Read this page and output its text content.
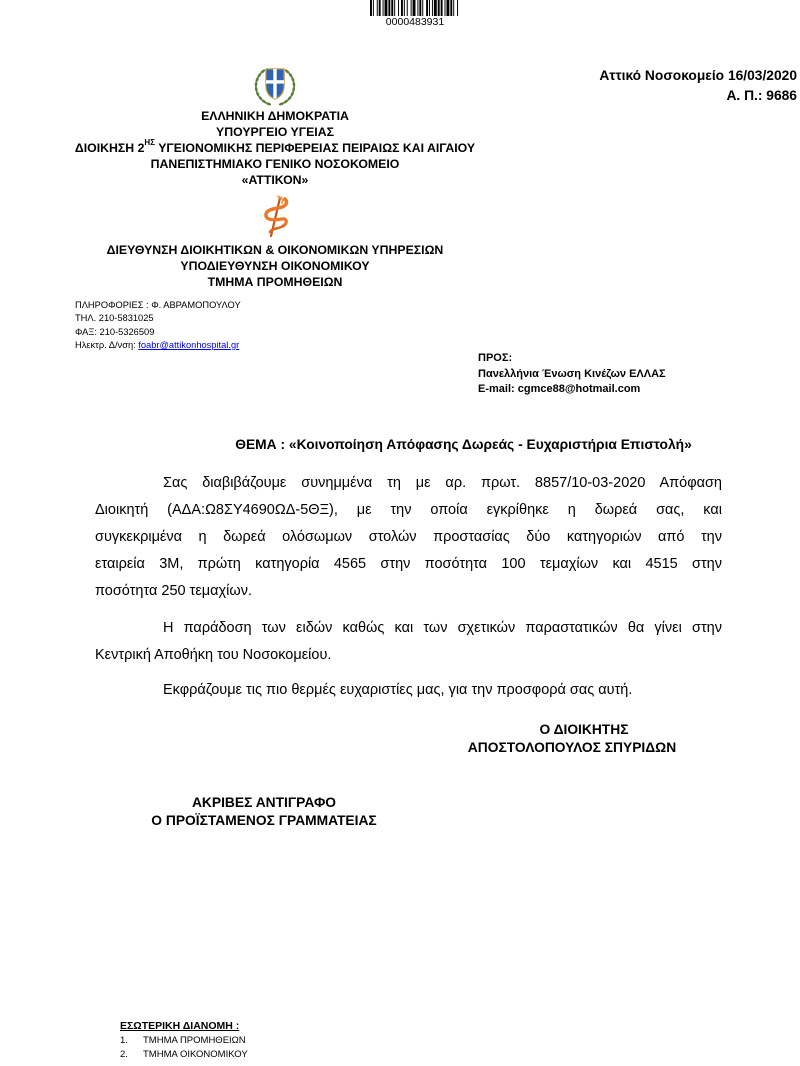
0000483931
Αττικό Νοσοκομείο 16/03/2020
Α. Π.: 9686
ΕΛΛΗΝΙΚΗ ΔΗΜΟΚΡΑΤΙΑ
ΥΠΟΥΡΓΕΙΟ ΥΓΕΙΑΣ
ΔΙΟΙΚΗΣΗ $2^{H\Sigma}$ ΥΓΕΙΟΝΟΜΙΚΗΣ ΠΕΡΙΦΕΡΕΙΑΣ ΠΕΙΡΑΙΩΣ ΚΑΙ ΑΙΓΑΙΟΥ
ΠΑΝΕΠΙΣΤΗΜΙΑΚΟ ΓΕΝΙΚΟ ΝΟΣΟΚΟΜΕΙΟ
«ΑΤΤΙΚΟΝ»
ΔΙΕΥΘΥΝΣΗ ΔΙΟΙΚΗΤΙΚΩΝ & ΟΙΚΟΝΟΜΙΚΩΝ ΥΠΗΡΕΣΙΩΝ
ΥΠΟΔΙΕΥΘΥΝΣΗ ΟΙΚΟΝΟΜΙΚΟΥ
ΤΜΗΜΑ ΠΡΟΜΗΘΕΙΩΝ
ΠΛΗΡΟΦΟΡΙΕΣ : Φ. ΑΒΡΑΜΟΠΟΥΛΟΥ
ΤΗΛ. 210-5831025
ΦΑΞ: 210-5326509
Ηλεκτρ. Δ/νση: foabr@attikonhospital.gr
ΠΡΟΣ:
Πανελλήνια Ένωση Κινέζων ΕΛΛΑΣ
E-mail: cgmce88@hotmail.com
ΘΕΜΑ : «Κοινοποίηση Απόφασης Δωρεάς - Ευχαριστήρια Επιστολή»
Σας διαβιβάζουμε συνημμένα τη με αρ. πρωτ. 8857/10-03-2020 Απόφαση
Διοικητή (ΑΔΑ:Ω8ΣΥ4690ΩΔ-5ΘΞ), με την οποία εγκρίθηκε η δωρεά σας, και
συγκεκριμένα η δωρεά ολόσωμων στολών προστασίας δύο κατηγοριών από την
εταιρεία 3Μ, πρώτη κατηγορία 4565 στην ποσότητα 100 τεμαχίων και 4515 στην
ποσότητα 250 τεμαχίων.
Η παράδοση των ειδών καθώς και των σχετικών παραστατικών θα γίνει στην
Κεντρική Αποθήκη του Νοσοκομείου.
Εκφράζουμε τις πιο θερμές ευχαριστίες μας, για την προσφορά σας αυτή.
Ο ΔΙΟΙΚΗΤΗΣ
ΑΠΟΣΤΟΛΟΠΟΥΛΟΣ ΣΠΥΡΙΔΩΝ
ΑΚΡΙΒΕΣ ΑΝΤΙΓΡΑΦΟ
Ο ΠΡΟΪΣΤΑΜΕΝΟΣ ΓΡΑΜΜΑΤΕΙΑΣ
ΕΣΩΤΕΡΙΚΗ ΔΙΑΝΟΜΗ :
1. ΤΜΗΜΑ ΠΡΟΜΗΘΕΙΩΝ
2. ΤΜΗΜΑ ΟΙΚΟΝΟΜΙΚΟΥ
